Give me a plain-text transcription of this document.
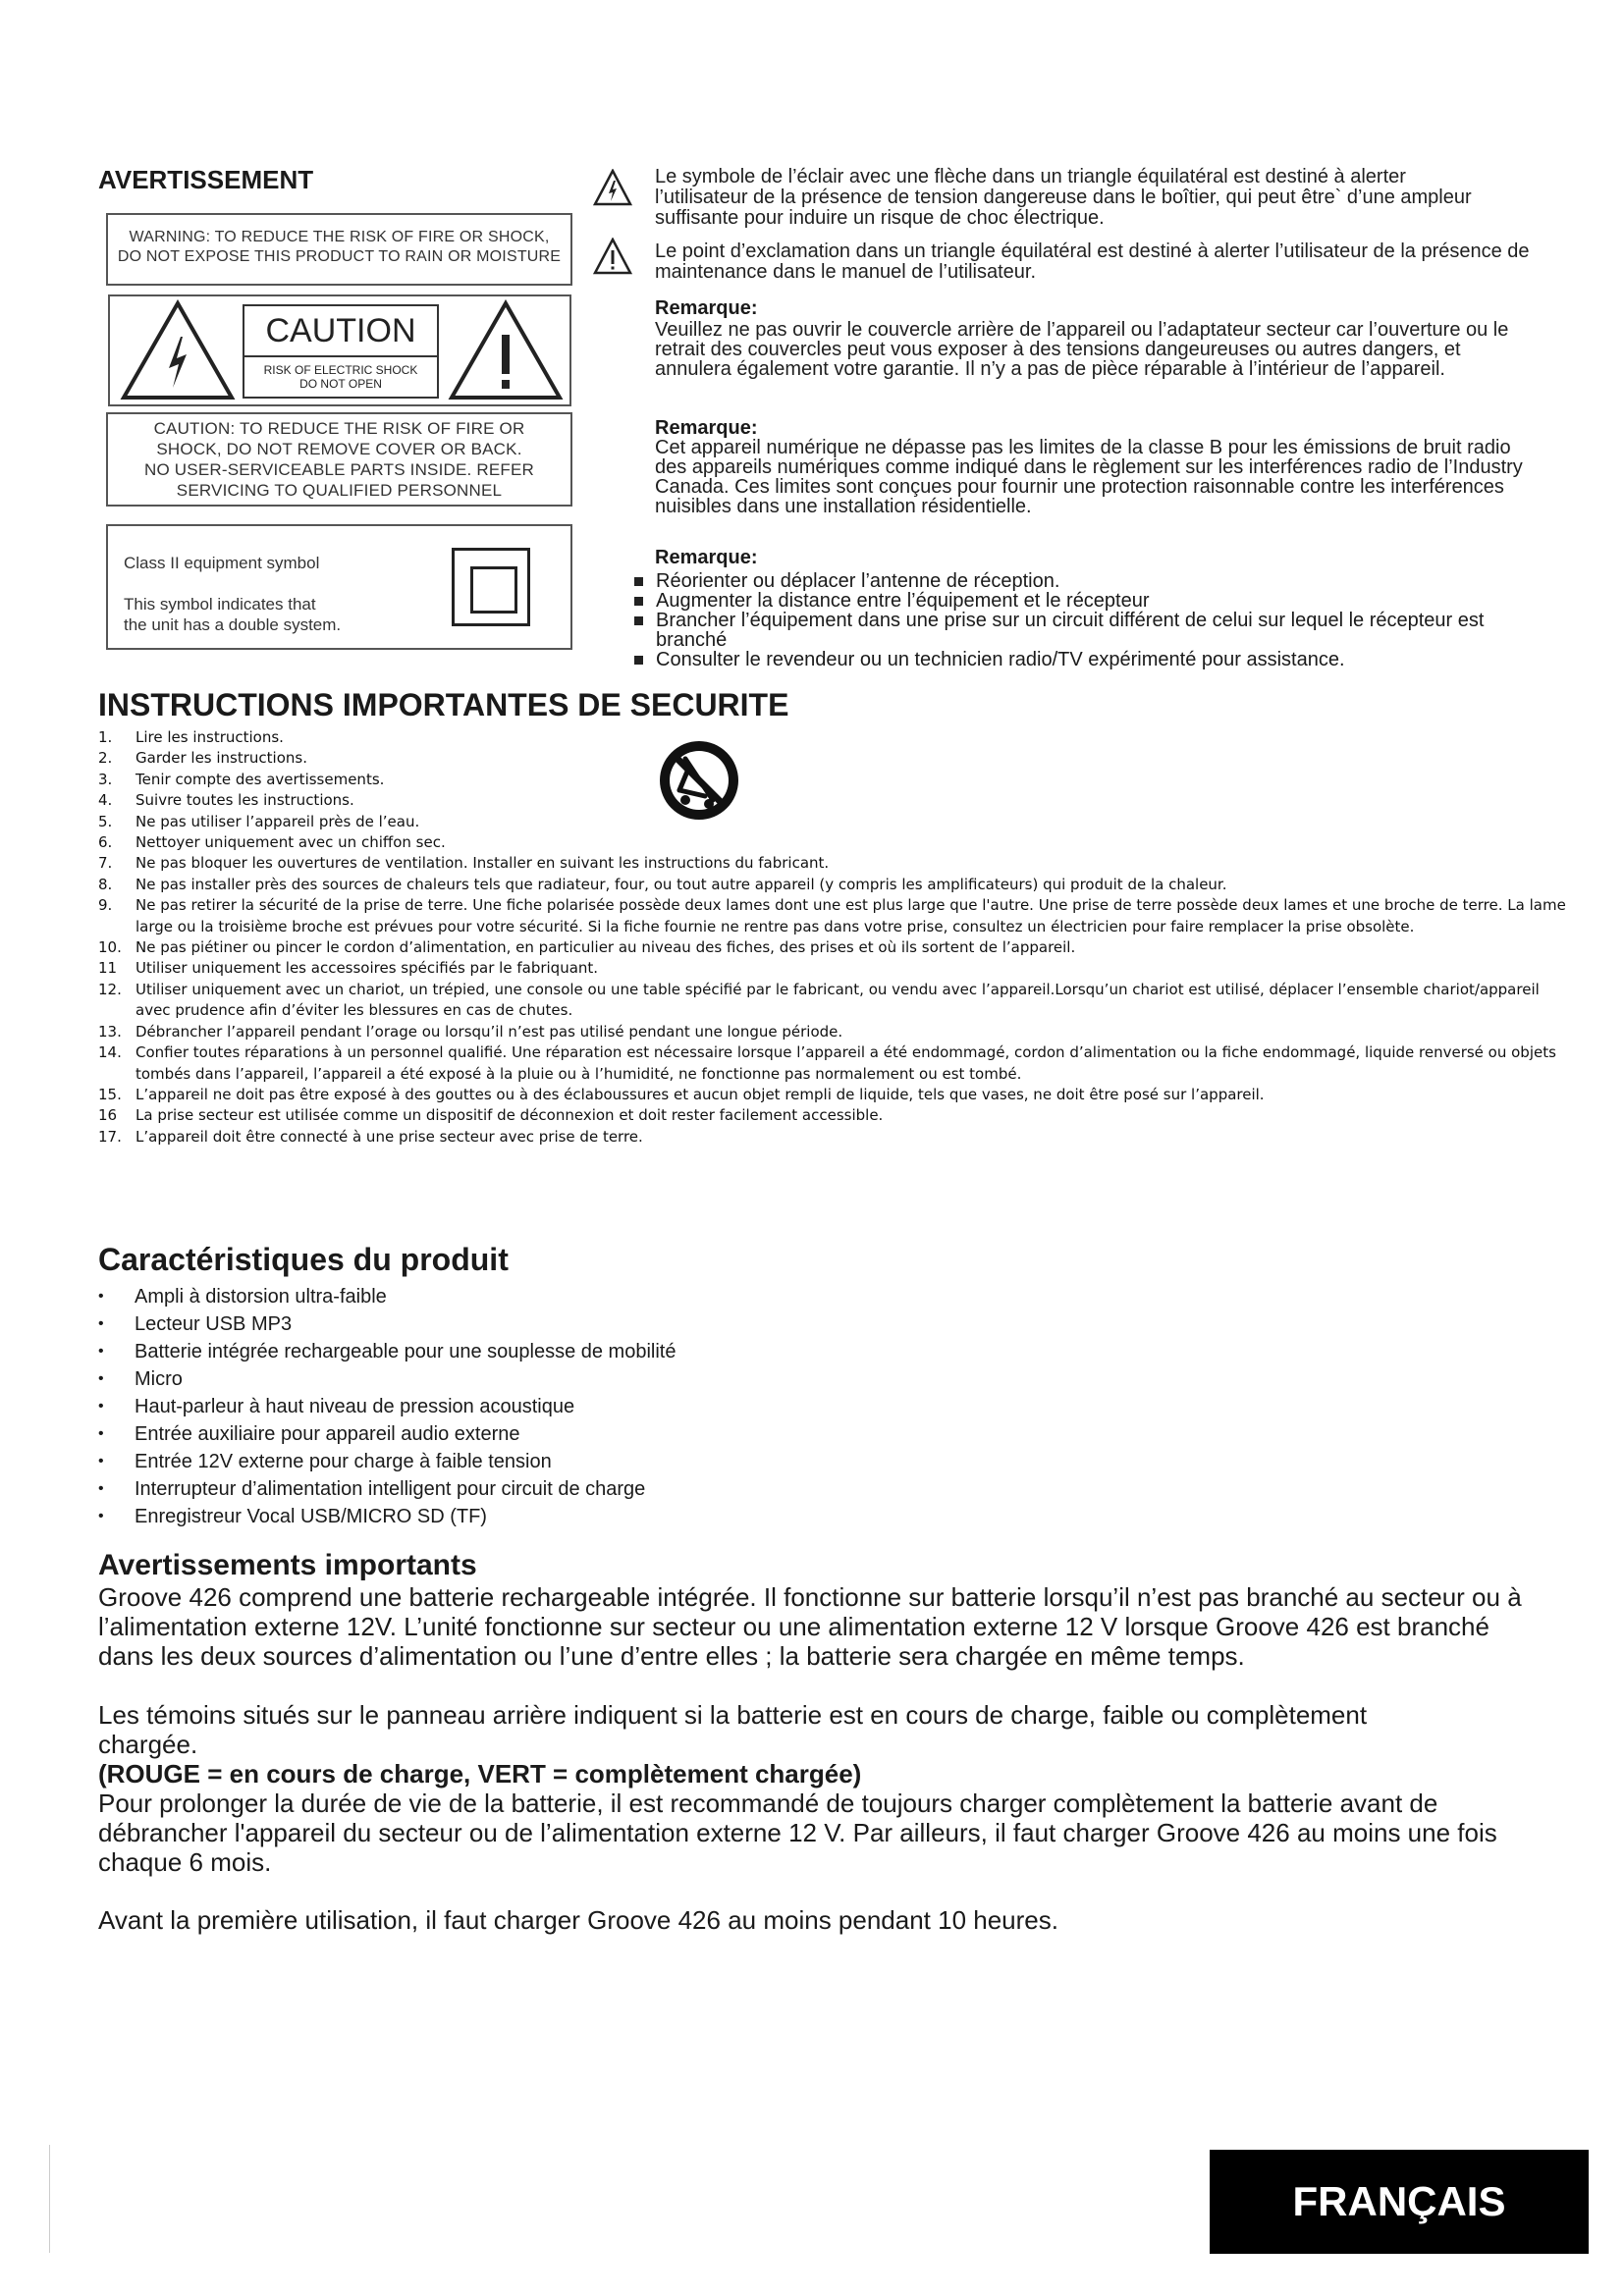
AVERTISSEMENT
WARNING: TO REDUCE THE RISK OF FIRE OR SHOCK,
DO NOT EXPOSE THIS PRODUCT TO RAIN OR MOISTURE
CAUTION
RISK OF ELECTRIC SHOCK
DO NOT OPEN
CAUTION: TO REDUCE THE RISK OF FIRE OR
SHOCK, DO NOT REMOVE COVER OR BACK.
NO USER-SERVICEABLE PARTS INSIDE. REFER
SERVICING TO QUALIFIED PERSONNEL
Class II equipment symbol
This symbol indicates that
the unit has a double system.
Le symbole de l’éclair avec une flèche dans un triangle équilatéral est destiné à alerter l’utilisateur de la présence de tension dangereuse dans le boîtier, qui peut être` d’une ampleur suffisante pour induire un risque de choc électrique.
Le point d’exclamation dans un triangle équilatéral est destiné à alerter l’utilisateur de la présence de maintenance dans le manuel de l’utilisateur.
Remarque:
Veuillez ne pas ouvrir le couvercle arrière de l’appareil ou l’adaptateur secteur car l’ouverture ou le retrait des couvercles peut vous exposer à des tensions dangeureuses ou autres dangers, et annulera également votre garantie. Il n’y a pas de pièce réparable à l’intérieur de l’appareil.
Remarque:
Cet appareil numérique ne dépasse pas les limites de la classe B pour les émissions de bruit radio des appareils numériques comme indiqué dans le règlement sur les interférences radio de l’Industry Canada. Ces limites sont conçues pour fournir une protection raisonnable contre les interférences nuisibles dans une installation résidentielle.
Remarque:
Réorienter ou déplacer l’antenne de réception.
Augmenter la distance entre l’équipement et le récepteur
Brancher l’équipement dans une prise sur un circuit différent de celui sur lequel le récepteur est branché
Consulter le revendeur ou un technicien radio/TV expérimenté pour assistance.
INSTRUCTIONS IMPORTANTES DE SECURITE
1. Lire les instructions.
2. Garder les instructions.
3. Tenir compte des avertissements.
4. Suivre toutes les instructions.
5. Ne pas utiliser l’appareil près de l’eau.
6. Nettoyer uniquement avec un chiffon sec.
7. Ne pas bloquer les ouvertures de ventilation. Installer en suivant les instructions du fabricant.
8. Ne pas installer près des sources de chaleurs tels que radiateur, four, ou tout autre appareil (y compris les amplificateurs) qui produit de la chaleur.
9. Ne pas retirer la sécurité de la prise de terre. Une fiche polarisée possède deux lames dont une est plus large que l'autre. Une prise de terre possède deux lames et une broche de terre. La lame large ou la troisième broche est prévues pour votre sécurité. Si la fiche fournie ne rentre pas dans votre prise, consultez un électricien pour faire remplacer la prise obsolète.
10. Ne pas piétiner ou pincer le cordon d’alimentation, en particulier au niveau des fiches, des prises et où ils sortent de l’appareil.
11 Utiliser uniquement les accessoires spécifiés par le fabriquant.
12. Utiliser uniquement avec un chariot, un trépied, une console ou une table spécifié par le fabricant, ou vendu avec l’appareil.Lorsqu’un chariot est utilisé, déplacer l’ensemble chariot/appareil avec prudence afin d’éviter les blessures en cas de chutes.
13. Débrancher l’appareil pendant l’orage ou lorsqu’il n’est pas utilisé pendant une longue période.
14. Confier toutes réparations à un personnel qualifié. Une réparation est nécessaire lorsque l’appareil a été endommagé, cordon d’alimentation ou la fiche endommagé, liquide renversé ou objets tombés dans l’appareil, l’appareil a été exposé à la pluie ou à l’humidité, ne fonctionne pas normalement ou est tombé.
15. L’appareil ne doit pas être exposé à des gouttes ou à des éclaboussures et aucun objet rempli de liquide, tels que vases, ne doit être posé sur l’appareil.
16 La prise secteur est utilisée comme un dispositif de déconnexion et doit rester facilement accessible.
17. L’appareil doit être connecté à une prise secteur avec prise de terre.
Caractéristiques du produit
• Ampli à distorsion ultra-faible
• Lecteur USB MP3
• Batterie intégrée rechargeable pour une souplesse de mobilité
• Micro
• Haut-parleur à haut niveau de pression acoustique
• Entrée auxiliaire pour appareil audio externe
• Entrée 12V externe pour charge à faible tension
• Interrupteur d’alimentation intelligent pour circuit de charge
• Enregistreur Vocal USB/MICRO SD (TF)
Avertissements importants
Groove 426 comprend une batterie rechargeable intégrée. Il fonctionne sur batterie lorsqu’il n’est pas branché au secteur ou à l’alimentation externe 12V. L’unité fonctionne sur secteur ou une alimentation externe 12 V lorsque Groove 426 est branché dans les deux sources d’alimentation ou l’une d’entre elles ; la batterie sera chargée en même temps.
Les témoins situés sur le panneau arrière indiquent si la batterie est en cours de charge, faible ou complètement chargée.
(ROUGE = en cours de charge, VERT = complètement chargée)
Pour prolonger la durée de vie de la batterie, il est recommandé de toujours charger complètement la batterie avant de débrancher l'appareil du secteur ou de l’alimentation externe 12 V. Par ailleurs, il faut charger Groove 426 au moins une fois chaque 6 mois.
Avant la première utilisation, il faut charger Groove 426 au moins pendant 10 heures.
FRANÇAIS
